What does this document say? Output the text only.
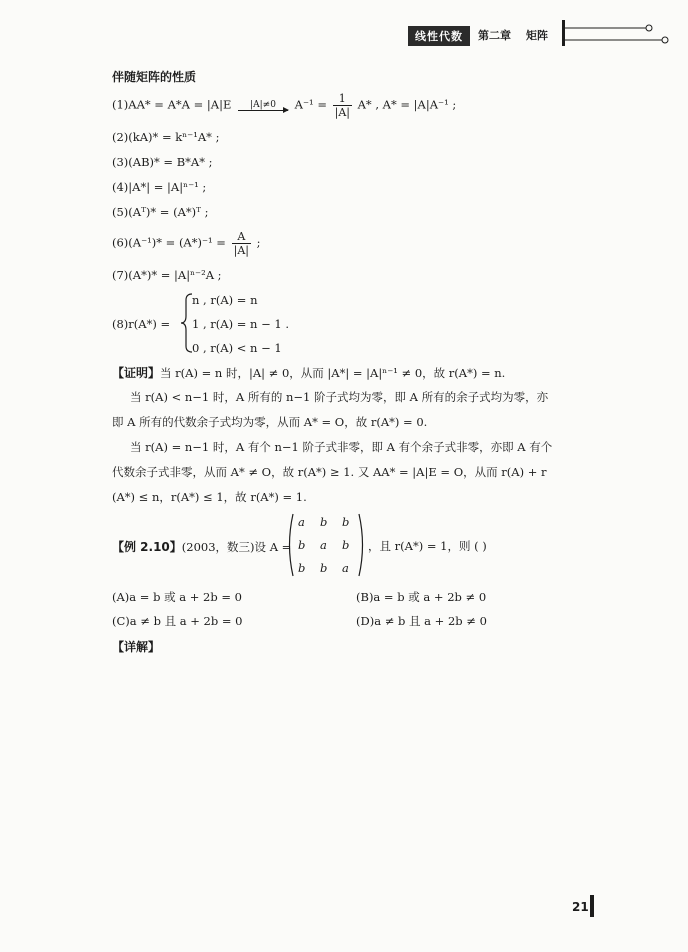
线性代数	第二章 矩阵
伴随矩阵的性质
(1)AA* = A*A = |A|E	|A|≠0	$A^{-1} = \frac{1}{|A|} A*$ , A* = |A|A⁻¹ ;
(2)(kA)* = kⁿ⁻¹A* ;
(3)(AB)* = B*A* ;
(4)|A*| = |A|ⁿ⁻¹ ;
(5)(Aᵀ)* = (A*)ᵀ ;
$(6)(A^{-1})* = (A*)^{-1} = \frac{A}{|A|}$ ;
(7)(A*)* = |A|ⁿ⁻²A ;
(8)r(A*) =
n , r(A) = n
1 , r(A) = n − 1 .
0 , r(A) < n − 1
【证明】当 r(A) = n 时，|A| ≠ 0，从而 |A*| = |A|ⁿ⁻¹ ≠ 0，故 r(A*) = n.
当 r(A) < n−1 时，A 所有的 n−1 阶子式均为零，即 A 所有的余子式均为零，亦
即 A 所有的代数余子式均为零，从而 A* = O，故 r(A*) = 0.
当 r(A) = n−1 时，A 有个 n−1 阶子式非零，即 A 有个余子式非零，亦即 A 有个
代数余子式非零，从而 A* ≠ O，故 r(A*) ≥ 1. 又 AA* = |A|E = O，从而 r(A) + r
(A*) ≤ n，r(A*) ≤ 1，故 r(A*) = 1.
【例 2.10】(2003，数三)设 A =
a b b
b a b
b b a
，且 r(A*) = 1，则 ( )
(A)a = b 或 a + 2b = 0	(B)a = b 或 a + 2b ≠ 0
(C)a ≠ b 且 a + 2b = 0	(D)a ≠ b 且 a + 2b ≠ 0
【详解】
21
